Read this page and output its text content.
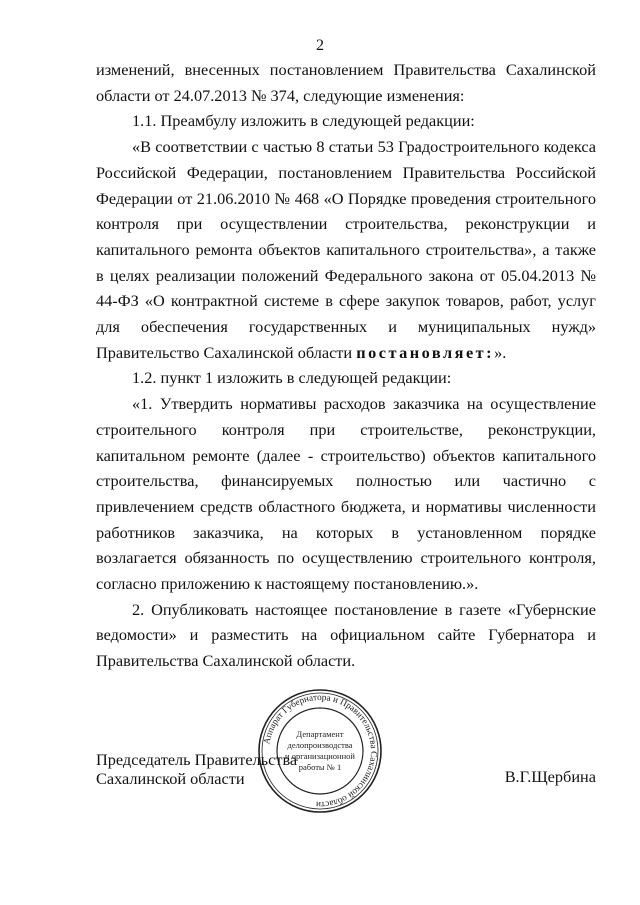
2

изменений, внесенных постановлением Правительства Сахалинской области от 24.07.2013 № 374, следующие изменения:

1.1. Преамбулу изложить в следующей редакции:

«В соответствии с частью 8 статьи 53 Градостроительного кодекса Российской Федерации, постановлением Правительства Российской Федерации от 21.06.2010 № 468 «О Порядке проведения строительного контроля при осуществлении строительства, реконструкции и капитального ремонта объектов капитального строительства», а также в целях реализации положений Федерального закона от 05.04.2013 № 44-ФЗ «О контрактной системе в сфере закупок товаров, работ, услуг для обеспечения государственных и муниципальных нужд» Правительство Сахалинской области постановляет:».

1.2. пункт 1 изложить в следующей редакции:

«1. Утвердить нормативы расходов заказчика на осуществление строительного контроля при строительстве, реконструкции, капитальном ремонте (далее - строительство) объектов капитального строительства, финансируемых полностью или частично с привлечением средств областного бюджета, и нормативы численности работников заказчика, на которых в установленном порядке возлагается обязанность по осуществлению строительного контроля, согласно приложению к настоящему постановлению.».

2. Опубликовать настоящее постановление в газете «Губернские ведомости» и разместить на официальном сайте Губернатора и Правительства Сахалинской области.

Аппарат Губернатора и Правительства Сахалинской области
Департамент
делопроизводства
и организационной
работы № 1
Председатель Правительства
Сахалинской области	В.Г.Щербина
